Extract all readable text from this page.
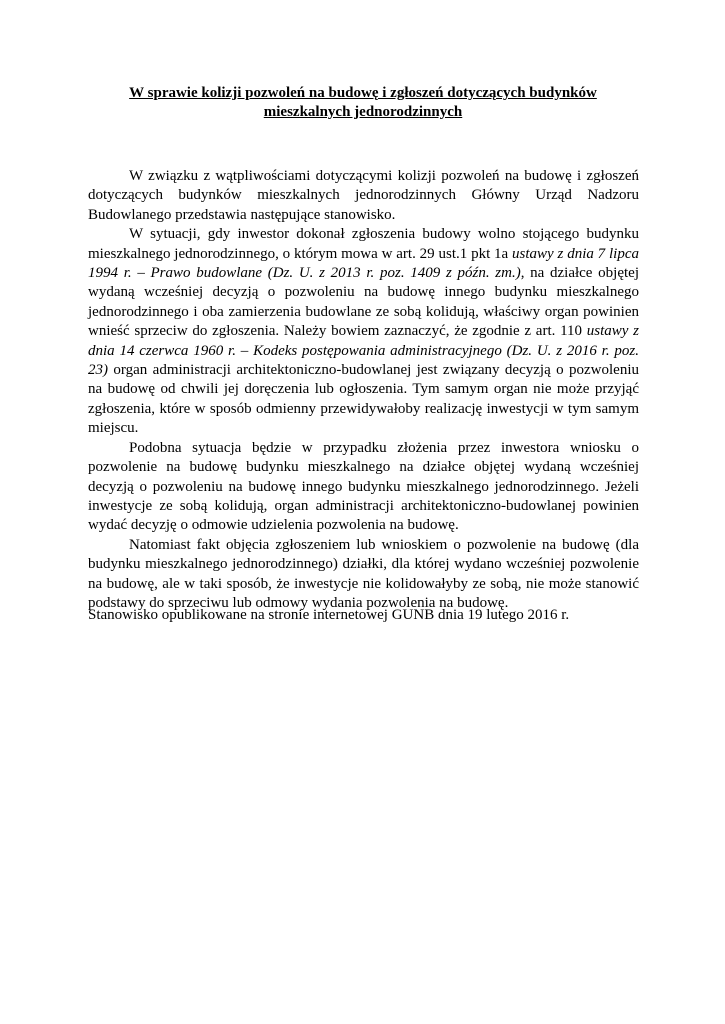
W sprawie kolizji pozwoleń na budowę i zgłoszeń dotyczących budynków mieszkalnych jednorodzinnych

W związku z wątpliwościami dotyczącymi kolizji pozwoleń na budowę i zgłoszeń dotyczących budynków mieszkalnych jednorodzinnych Główny Urząd Nadzoru Budowlanego przedstawia następujące stanowisko.

W sytuacji, gdy inwestor dokonał zgłoszenia budowy wolno stojącego budynku mieszkalnego jednorodzinnego, o którym mowa w art. 29 ust.1 pkt 1a ustawy z dnia 7 lipca 1994 r. – Prawo budowlane (Dz. U. z 2013 r. poz. 1409 z późn. zm.), na działce objętej wydaną wcześniej decyzją o pozwoleniu na budowę innego budynku mieszkalnego jednorodzinnego i oba zamierzenia budowlane ze sobą kolidują, właściwy organ powinien wnieść sprzeciw do zgłoszenia. Należy bowiem zaznaczyć, że zgodnie z art. 110 ustawy z dnia 14 czerwca 1960 r. – Kodeks postępowania administracyjnego (Dz. U. z 2016 r. poz. 23) organ administracji architektoniczno-budowlanej jest związany decyzją o pozwoleniu na budowę od chwili jej doręczenia lub ogłoszenia. Tym samym organ nie może przyjąć zgłoszenia, które w sposób odmienny przewidywałoby realizację inwestycji w tym samym miejscu.

Podobna sytuacja będzie w przypadku złożenia przez inwestora wniosku o pozwolenie na budowę budynku mieszkalnego na działce objętej wydaną wcześniej decyzją o pozwoleniu na budowę innego budynku mieszkalnego jednorodzinnego. Jeżeli inwestycje ze sobą kolidują, organ administracji architektoniczno-budowlanej powinien wydać decyzję o odmowie udzielenia pozwolenia na budowę.

Natomiast fakt objęcia zgłoszeniem lub wnioskiem o pozwolenie na budowę (dla budynku mieszkalnego jednorodzinnego) działki, dla której wydano wcześniej pozwolenie na budowę, ale w taki sposób, że inwestycje nie kolidowałyby ze sobą, nie może stanowić podstawy do sprzeciwu lub odmowy wydania pozwolenia na budowę.

Stanowisko opublikowane na stronie internetowej GUNB dnia 19 lutego 2016 r.
